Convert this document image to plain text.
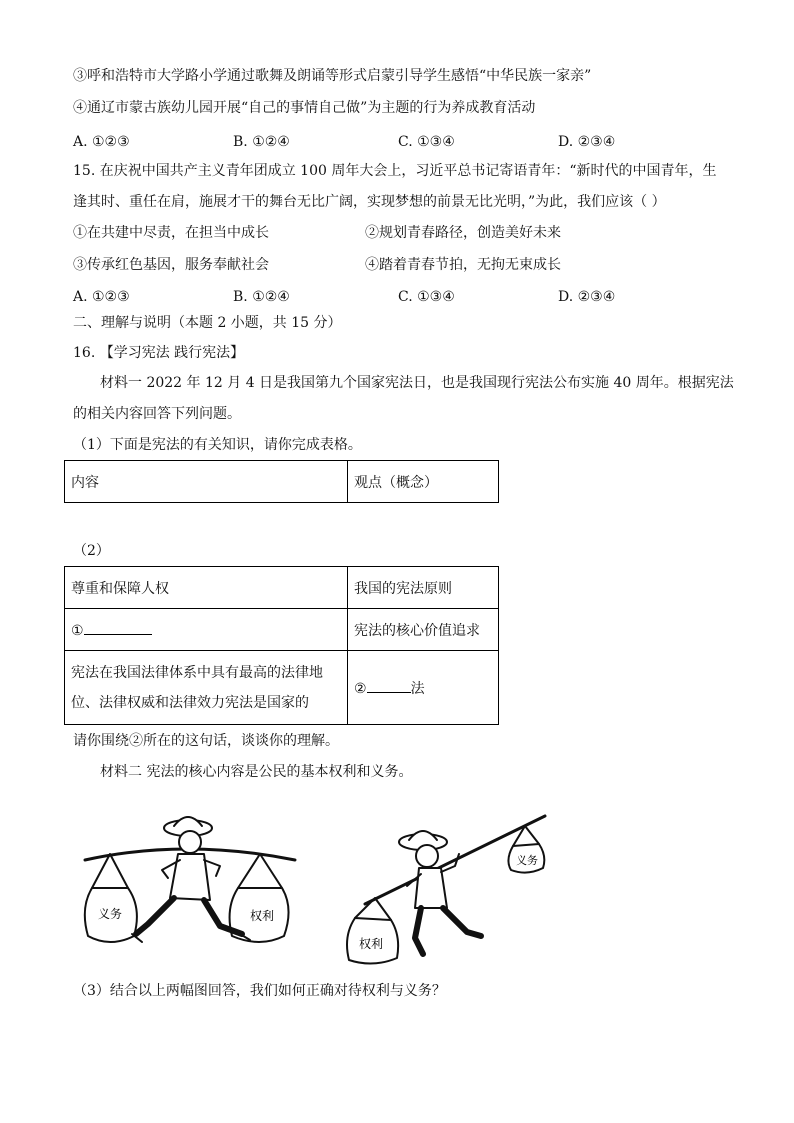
③呼和浩特市大学路小学通过歌舞及朗诵等形式启蒙引导学生感悟“中华民族一家亲”
④通辽市蒙古族幼儿园开展“自己的事情自己做”为主题的行为养成教育活动
A. ①②③	B. ①②④	C. ①③④	D. ②③④
15. 在庆祝中国共产主义青年团成立 100 周年大会上，习近平总书记寄语青年：“新时代的中国青年，生
逢其时、重任在肩，施展才干的舞台无比广阔，实现梦想的前景无比光明，”为此，我们应该（ ）
①在共建中尽责，在担当中成长	②规划青春路径，创造美好未来
③传承红色基因，服务奉献社会	④踏着青春节拍，无拘无束成长
A. ①②③	B. ①②④	C. ①③④	D. ②③④
二、理解与说明（本题 2 小题，共 15 分）
16. 【学习宪法 践行宪法】
材料一 2022 年 12 月 4 日是我国第九个国家宪法日，也是我国现行宪法公布实施 40 周年。根据宪法
的相关内容回答下列问题。
（1）下面是宪法的有关知识，请你完成表格。
内容	观点（概念）
（2）
尊重和保障人权	我国的宪法原则
①	宪法的核心价值追求

宪法在我国法律体系中具有最高的法律地
位、法律权威和法律效力宪法是国家的	② 法
请你围绕②所在的这句话，谈谈你的理解。
材料二 宪法的核心内容是公民的基本权利和义务。
义务	权利
权利
义务
（3）结合以上两幅图回答，我们如何正确对待权利与义务？
